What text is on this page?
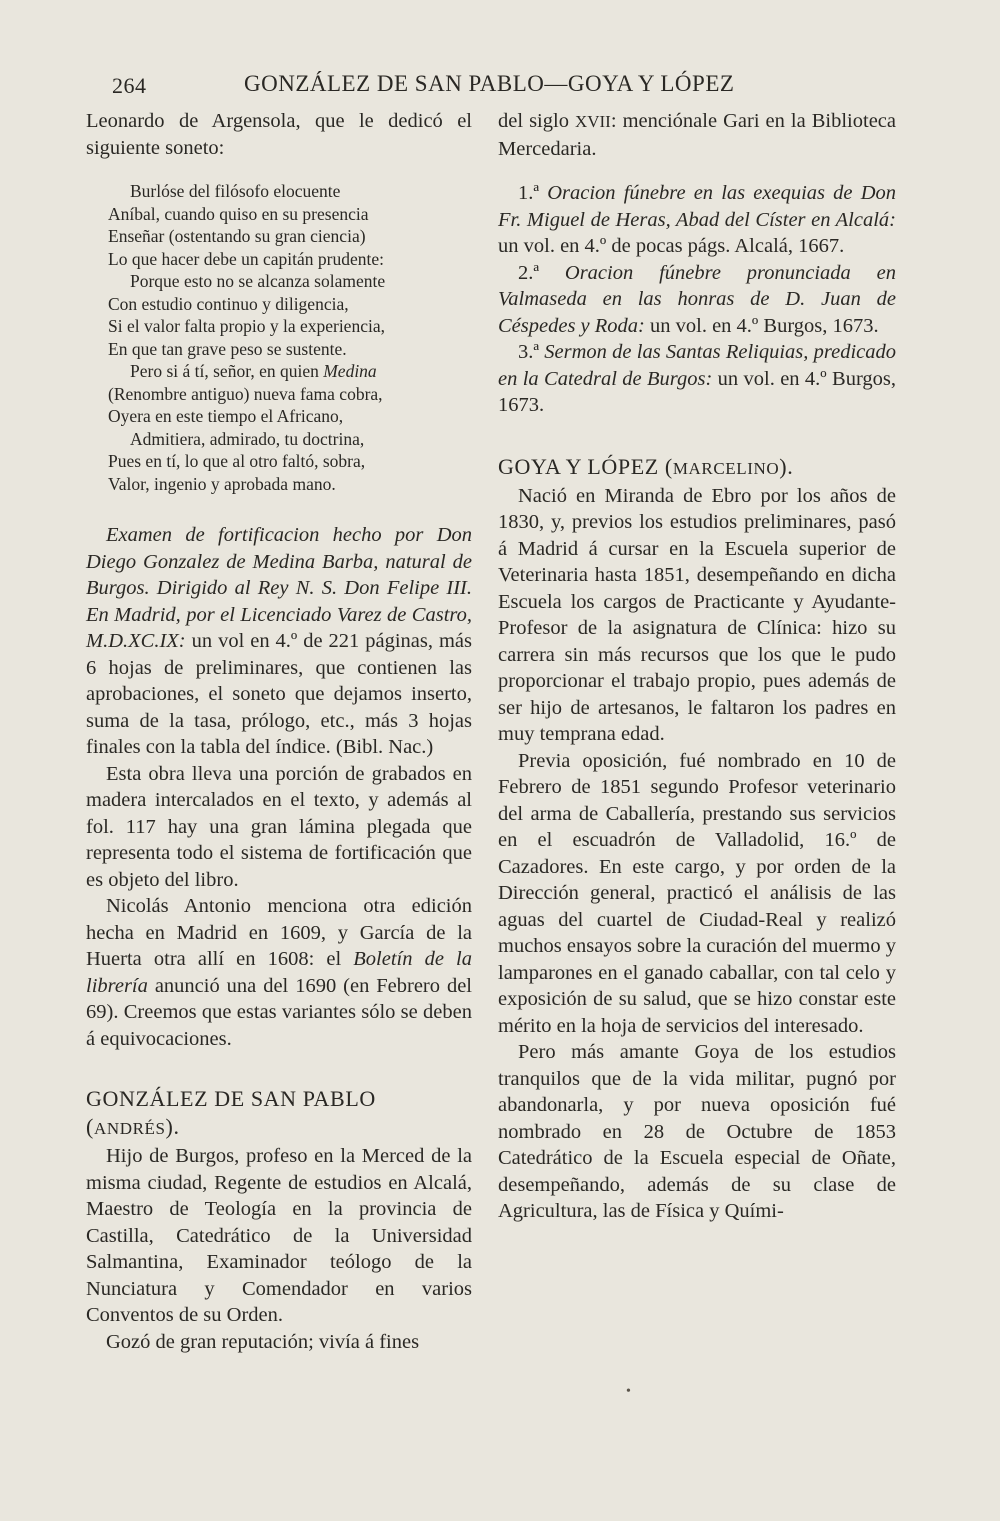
264	GONZÁLEZ DE SAN PABLO—GOYA Y LÓPEZ

Leonardo de Argensola, que le dedicó el siguiente soneto:

Burlóse del filósofo elocuente
Aníbal, cuando quiso en su presencia
Enseñar (ostentando su gran ciencia)
Lo que hacer debe un capitán prudente:
Porque esto no se alcanza solamente
Con estudio continuo y diligencia,
Si el valor falta propio y la experiencia,
En que tan grave peso se sustente.
Pero si á tí, señor, en quien Medina
(Renombre antiguo) nueva fama cobra,
Oyera en este tiempo el Africano,
Admitiera, admirado, tu doctrina,
Pues en tí, lo que al otro faltó, sobra,
Valor, ingenio y aprobada mano.

Examen de fortificacion hecho por Don Diego Gonzalez de Medina Barba, natural de Burgos. Dirigido al Rey N. S. Don Felipe III. En Madrid, por el Licenciado Varez de Castro, M.D.XC.IX: un vol en 4.º de 221 páginas, más 6 hojas de preliminares, que contienen las aprobaciones, el soneto que dejamos inserto, suma de la tasa, prólogo, etc., más 3 hojas finales con la tabla del índice. (Bibl. Nac.)

Esta obra lleva una porción de grabados en madera intercalados en el texto, y además al fol. 117 hay una gran lámina plegada que representa todo el sistema de fortificación que es objeto del libro.

Nicolás Antonio menciona otra edición hecha en Madrid en 1609, y García de la Huerta otra allí en 1608: el Boletín de la librería anunció una del 1690 (en Febrero del 69). Creemos que estas variantes sólo se deben á equivocaciones.

GONZÁLEZ DE SAN PABLO (ANDRÉS).

Hijo de Burgos, profeso en la Merced de la misma ciudad, Regente de estudios en Alcalá, Maestro de Teología en la provincia de Castilla, Catedrático de la Universidad Salmantina, Examinador teólogo de la Nunciatura y Comendador en varios Conventos de su Orden.

Gozó de gran reputación; vivía á fines

del siglo XVII: menciónale Gari en la Biblioteca Mercedaria.

1.ª Oracion fúnebre en las exequias de Don Fr. Miguel de Heras, Abad del Císter en Alcalá: un vol. en 4.º de pocas págs. Alcalá, 1667.

2.ª Oracion fúnebre pronunciada en Valmaseda en las honras de D. Juan de Céspedes y Roda: un vol. en 4.º Burgos, 1673.

3.ª Sermon de las Santas Reliquias, predicado en la Catedral de Burgos: un vol. en 4.º Burgos, 1673.

GOYA Y LÓPEZ (MARCELINO).

Nació en Miranda de Ebro por los años de 1830, y, previos los estudios preliminares, pasó á Madrid á cursar en la Escuela superior de Veterinaria hasta 1851, desempeñando en dicha Escuela los cargos de Practicante y Ayudante-Profesor de la asignatura de Clínica: hizo su carrera sin más recursos que los que le pudo proporcionar el trabajo propio, pues además de ser hijo de artesanos, le faltaron los padres en muy temprana edad.

Previa oposición, fué nombrado en 10 de Febrero de 1851 segundo Profesor veterinario del arma de Caballería, prestando sus servicios en el escuadrón de Valladolid, 16.º de Cazadores. En este cargo, y por orden de la Dirección general, practicó el análisis de las aguas del cuartel de Ciudad-Real y realizó muchos ensayos sobre la curación del muermo y lamparones en el ganado caballar, con tal celo y exposición de su salud, que se hizo constar este mérito en la hoja de servicios del interesado.

Pero más amante Goya de los estudios tranquilos que de la vida militar, pugnó por abandonarla, y por nueva oposición fué nombrado en 28 de Octubre de 1853 Catedrático de la Escuela especial de Oñate, desempeñando, además de su clase de Agricultura, las de Física y Quími-

•
